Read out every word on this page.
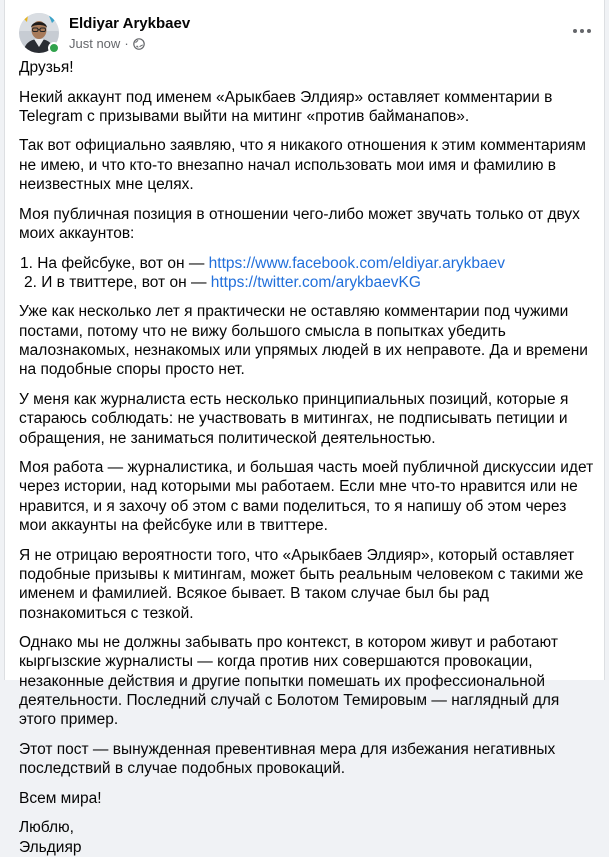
Eldiyar Arykbaev
Just now ·

Друзья!

Некий аккаунт под именем «Арыкбаев Элдияр» оставляет комментарии в Telegram с призывами выйти на митинг «против байманапов».

Так вот официально заявляю, что я никакого отношения к этим комментариям не имею, и что кто-то внезапно начал использовать мои имя и фамилию в неизвестных мне целях.

Моя публичная позиция в отношении чего-либо может звучать только от двух моих аккаунтов:

1. На фейсбуке, вот он — https://www.facebook.com/eldiyar.arykbaev

2. И в твиттере, вот он — https://twitter.com/arykbaevKG

Уже как несколько лет я практически не оставляю комментарии под чужими постами, потому что не вижу большого смысла в попытках убедить малознакомых, незнакомых или упрямых людей в их неправоте. Да и времени на подобные споры просто нет.

У меня как журналиста есть несколько принципиальных позиций, которые я стараюсь соблюдать: не участвовать в митингах, не подписывать петиции и обращения, не заниматься политической деятельностью.

Моя работа — журналистика, и большая часть моей публичной дискуссии идет через истории, над которыми мы работаем. Если мне что-то нравится или не нравится, и я захочу об этом с вами поделиться, то я напишу об этом через мои аккаунты на фейсбуке или в твиттере.

Я не отрицаю вероятности того, что «Арыкбаев Элдияр», который оставляет подобные призывы к митингам, может быть реальным человеком с такими же именем и фамилией. Всякое бывает. В таком случае был бы рад познакомиться с тезкой.

Однако мы не должны забывать про контекст, в котором живут и работают кыргызские журналисты — когда против них совершаются провокации, незаконные действия и другие попытки помешать их профессиональной деятельности. Последний случай с Болотом Темировым — наглядный для этого пример.

Этот пост — вынужденная превентивная мера для избежания негативных последствий в случае подобных провокаций.

Всем мира!

Люблю,

Эльдияр
